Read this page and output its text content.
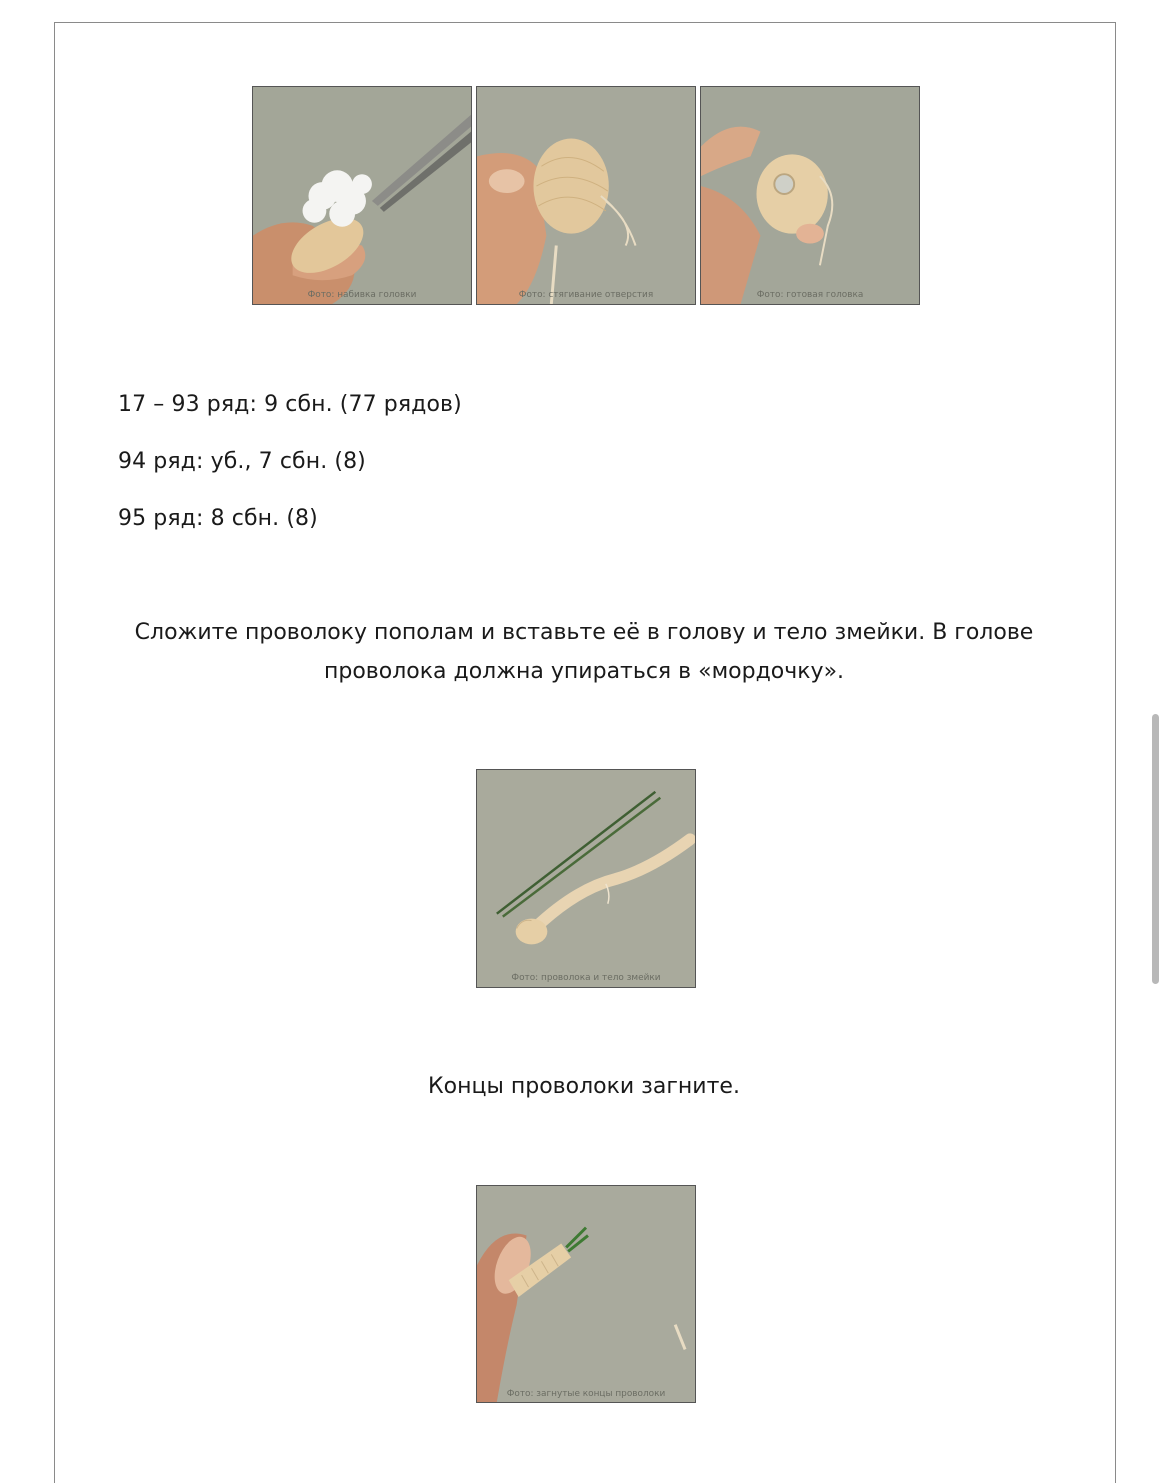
Фото: набивка головки	Фото: стягивание отверстия	Фото: готовая головка
17 – 93 ряд: 9 сбн. (77 рядов)
94 ряд: уб., 7 сбн. (8)
95 ряд: 8 сбн. (8)
Сложите проволоку пополам и вставьте её в голову и тело змейки. В голове
проволока должна упираться в «мордочку».
Фото: проволока и тело змейки
Концы проволоки загните.
Фото: загнутые концы проволоки
